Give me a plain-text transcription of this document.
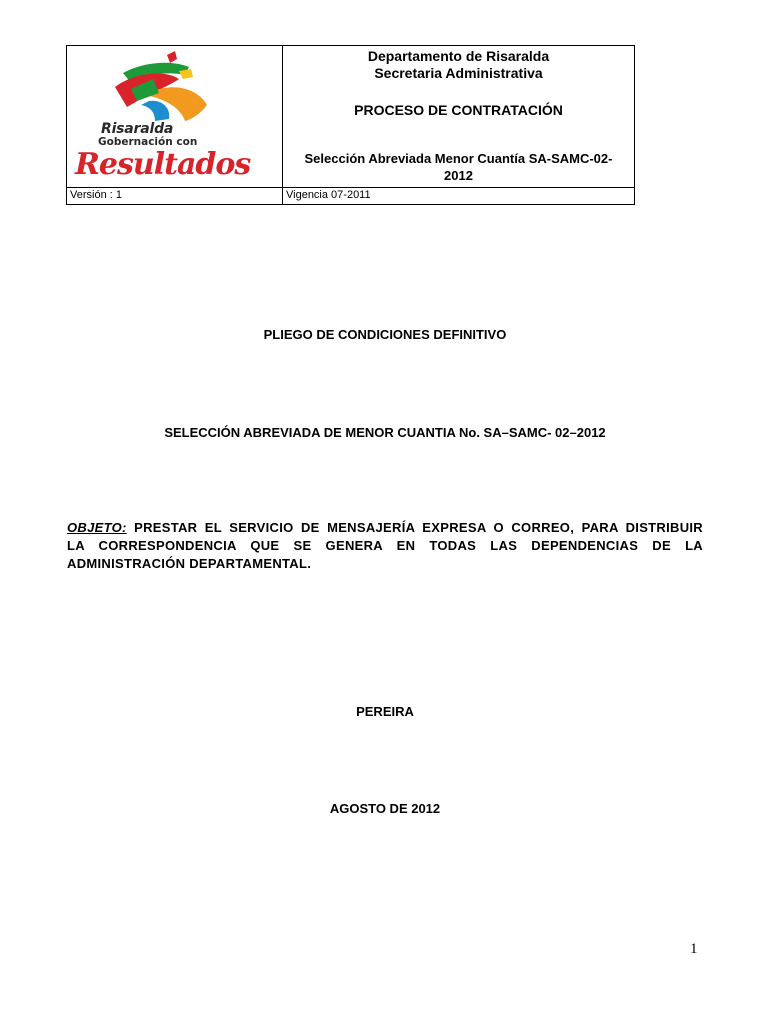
Risaralda
Gobernación con
Resultados
Departamento de Risaralda
Secretaria Administrativa
PROCESO DE CONTRATACIÓN
Selección Abreviada Menor Cuantía SA-SAMC-02-
2012
Versión : 1	Vigencia 07-2011
PLIEGO DE CONDICIONES DEFINITIVO
SELECCIÓN ABREVIADA DE MENOR CUANTIA No. SA–SAMC- 02–2012
OBJETO: PRESTAR EL SERVICIO DE MENSAJERÍA EXPRESA O CORREO, PARA DISTRIBUIR
LA CORRESPONDENCIA QUE SE GENERA EN TODAS LAS DEPENDENCIAS DE LA
ADMINISTRACIÓN DEPARTAMENTAL.
PEREIRA
AGOSTO DE 2012
1
